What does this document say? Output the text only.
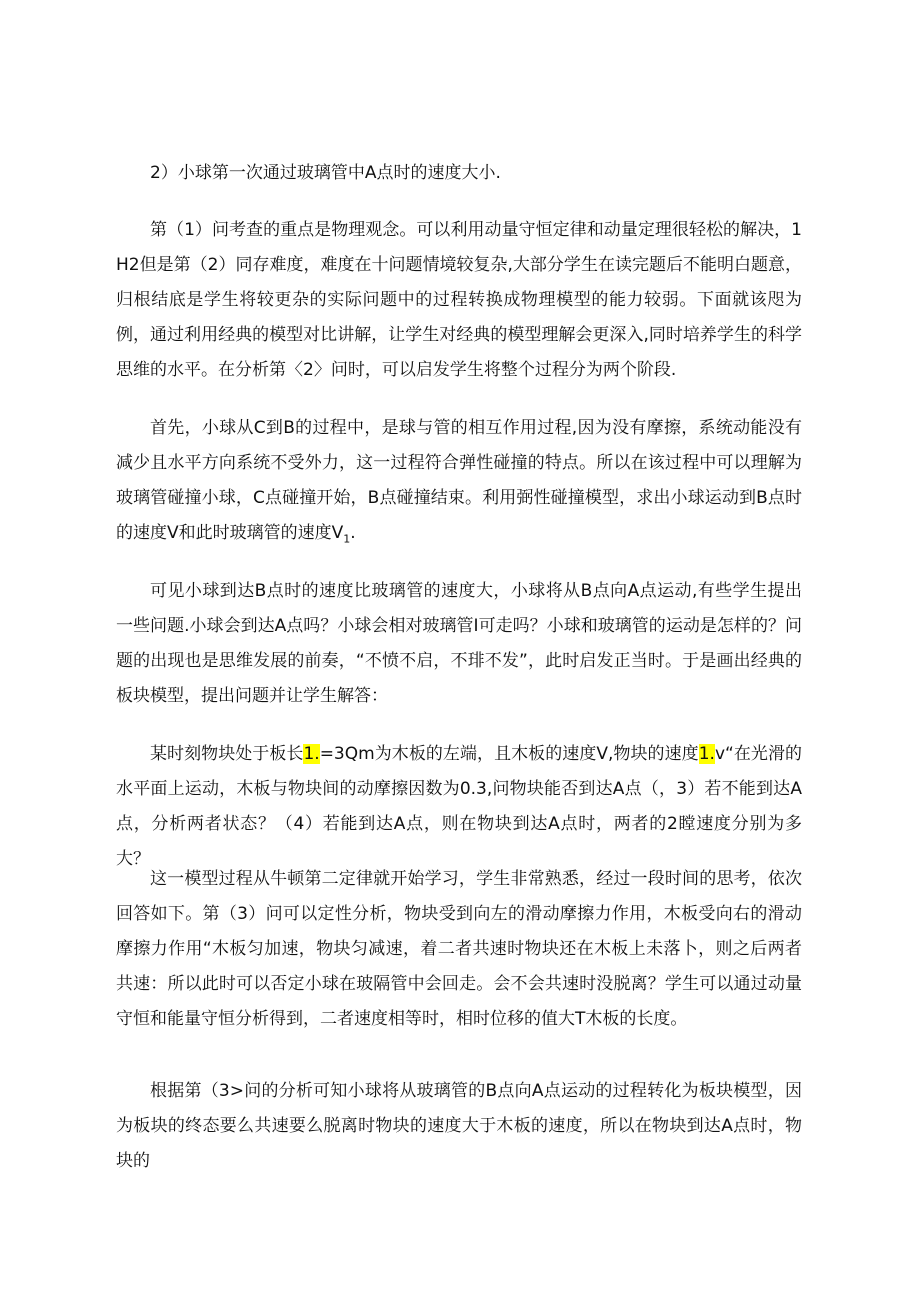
2）小球第一次通过玻璃管中A点时的速度大小.

第（1）问考查的重点是物理观念。可以利用动量守恒定律和动量定理很轻松的解决，1H2但是第（2）同存难度，难度在十问题情境较复杂,大部分学生在读完题后不能明白题意，归根结底是学生将较更杂的实际问题中的过程转换成物理模型的能力较弱。下面就该咫为例，通过利用经典的模型对比讲解，让学生对经典的模型理解会更深入,同时培养学生的科学思维的水平。在分析第〈2〉问时，可以启发学生将整个过程分为两个阶段.

首先，小球从C到B的过程中，是球与管的相互作用过程,因为没有摩擦，系统动能没有减少且水平方向系统不受外力，这一过程符合弹性碰撞的特点。所以在该过程中可以理解为玻璃管碰撞小球，C点碰撞开始，B点碰撞结束。利用弼性碰撞模型，求出小球运动到B点时的速度V和此时玻璃管的速度$V_1$.

可见小球到达B点时的速度比玻璃管的速度大，小球将从B点向A点运动,有些学生提出一些问题.小球会到达A点吗？小球会相对玻璃管I可走吗？小球和玻璃管的运动是怎样的？问题的出现也是思维发展的前奏，“不愤不启，不琲不发”，此时启发正当时。于是画出经典的板块模型，提出问题并让学生解答：

某时刻物块处于板长1.=3Qm为木板的左端，且木板的速度V,物块的速度1.v“在光滑的水平面上运动，木板与物块间的动摩擦因数为0.3,问物块能否到达A点（，3）若不能到达A点，分析两者状态？（4）若能到达A点，则在物块到达A点时，两者的2瞠速度分别为多大？

这一模型过程从牛顿第二定律就开始学习，学生非常熟悉，经过一段时间的思考，依次回答如下。第（3）问可以定性分析，物块受到向左的滑动摩擦力作用，木板受向右的滑动摩擦力作用“木板匀加速，物块匀减速，着二者共速时物块还在木板上未落卜，则之后两者共速：所以此时可以否定小球在玻隔管中会回走。会不会共速时没脱离？学生可以通过动量守恒和能量守恒分析得到，二者速度相等时，相时位移的值大T木板的长度。

根据第（3>问的分析可知小球将从玻璃管的B点向A点运动的过程转化为板块模型，因为板块的终态要么共速要么脱离时物块的速度大于木板的速度，所以在物块到达A点时，物块的
